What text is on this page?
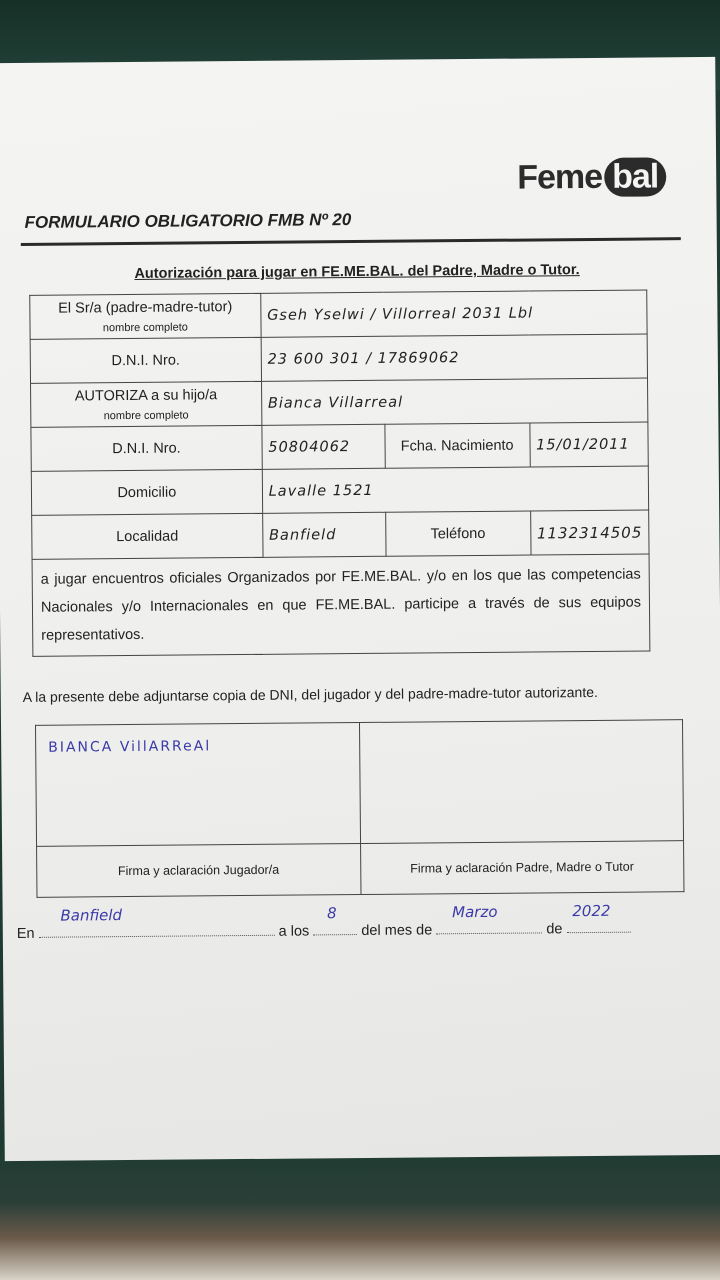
Feme bal
FORMULARIO OBLIGATORIO FMB Nº 20
Autorización para jugar en FE.ME.BAL. del Padre, Madre o Tutor.
El Sr/a (padre-madre-tutor)
nombre completo	Gseh Yselwi / Villorreal 2031 Lbl		
D.N.I. Nro.	23 600 301 / 17869062		
AUTORIZA a su hijo/a
nombre completo	Bianca Villarreal		
D.N.I. Nro.	50804062	Fcha. Nacimiento	15/01/2011
Domicilio	Lavalle 1521		
Localidad	Banfield	Teléfono	1132314505
a jugar encuentros oficiales Organizados por FE.ME.BAL. y/o en los que las competencias Nacionales y/o Internacionales en que FE.ME.BAL. participe a través de sus equipos representativos.			
A la presente debe adjuntarse copia de DNI, del jugador y del padre-madre-tutor autorizante.
BIANCA VillARReAl	

Firma y aclaración Jugador/a	Firma y aclaración Padre, Madre o Tutor
En
Banfield
a los
8
del mes de
Marzo
de
2022
